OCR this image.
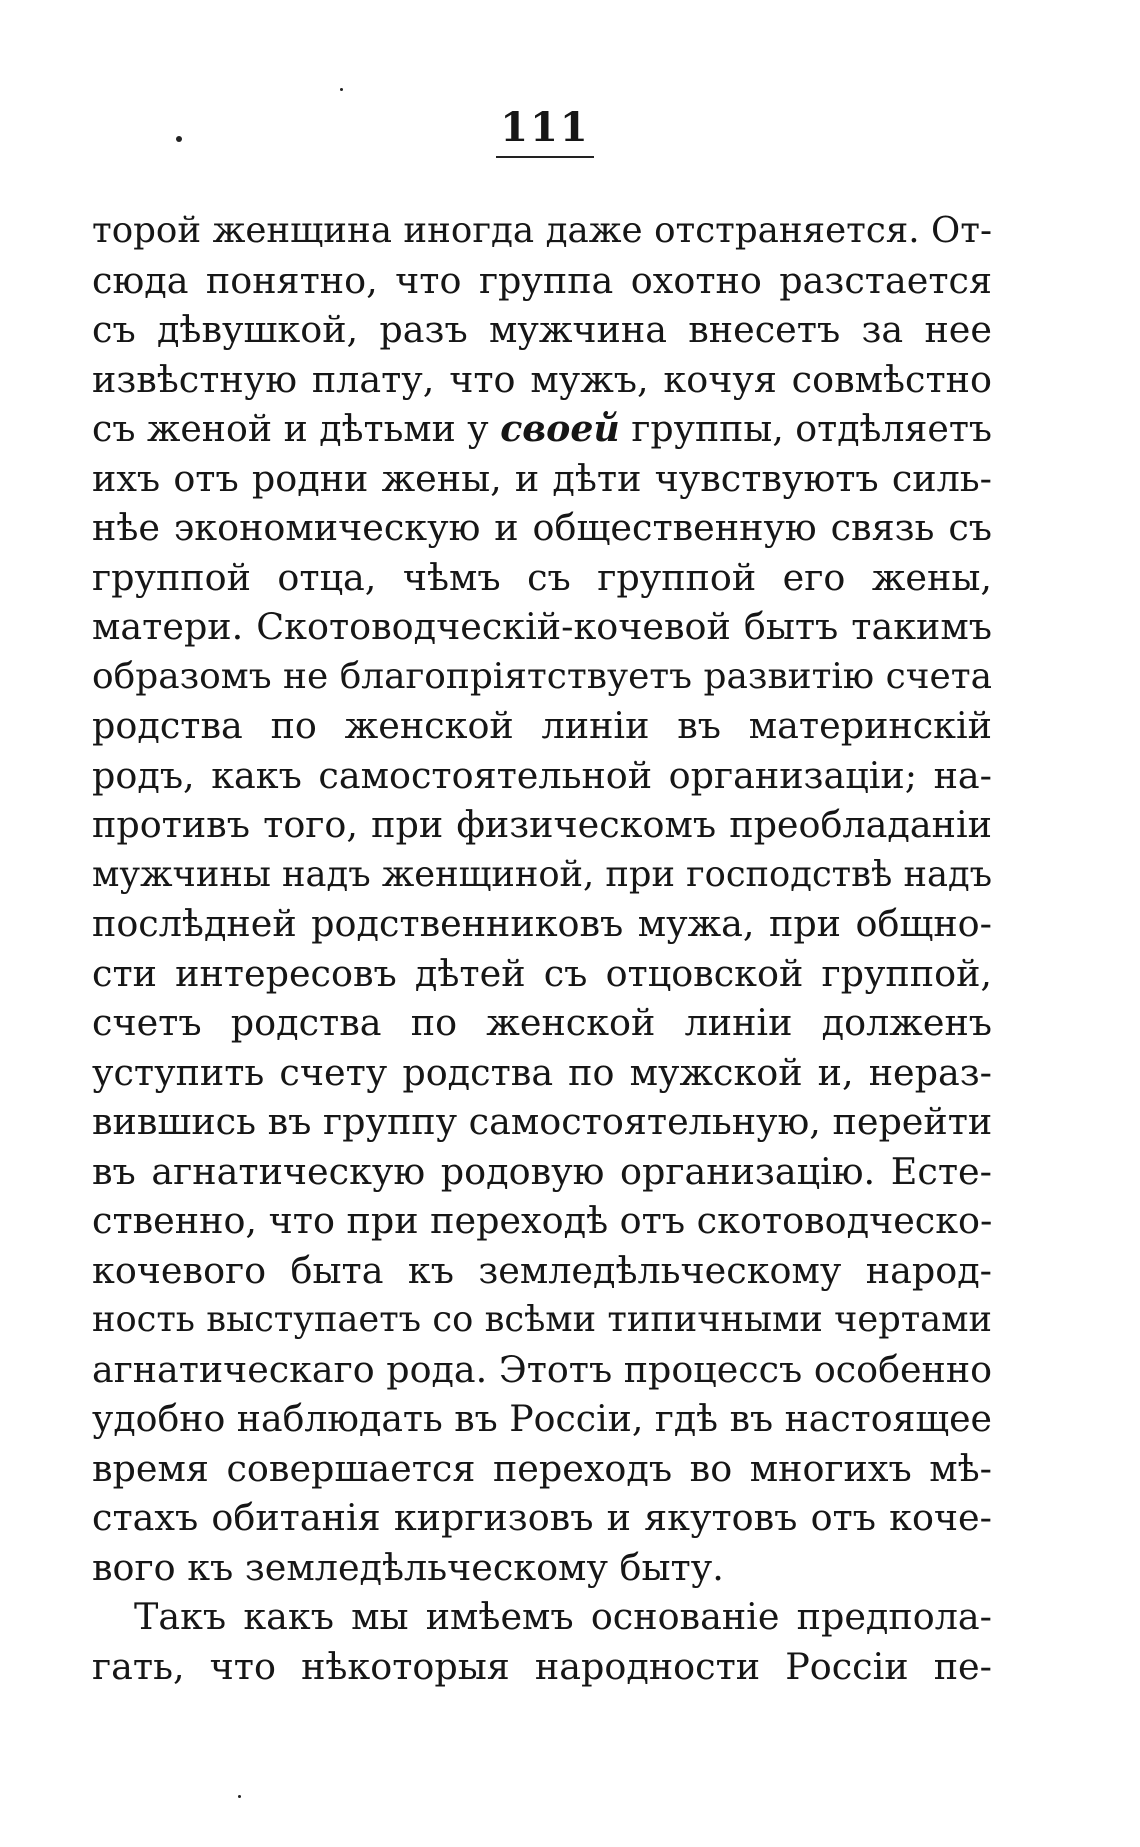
111
торой женщина иногда даже отстраняется. От-
сюда понятно, что группа охотно разстается
съ дѣвушкой, разъ мужчина внесетъ за нее
извѣстную плату, что мужъ, кочуя совмѣстно
съ женой и дѣтьми у своей группы, отдѣляетъ
ихъ отъ родни жены, и дѣти чувствуютъ силь-
нѣе экономическую и общественную связь съ
группой отца, чѣмъ съ группой его жены,
матери. Скотоводческій-кочевой бытъ такимъ
образомъ не благопріятствуетъ развитію счета
родства по женской линіи въ материнскій
родъ, какъ самостоятельной организаціи; на-
противъ того, при физическомъ преобладаніи
мужчины надъ женщиной, при господствѣ надъ
послѣдней родственниковъ мужа, при общно-
сти интересовъ дѣтей съ отцовской группой,
счетъ родства по женской линіи долженъ
уступить счету родства по мужской и, нераз-
вившись въ группу самостоятельную, перейти
въ агнатическую родовую организацію. Есте-
ственно, что при переходѣ отъ скотоводческо-
кочевого быта къ земледѣльческому народ-
ность выступаетъ со всѣми типичными чертами
агнатическаго рода. Этотъ процессъ особенно
удобно наблюдать въ Россіи, гдѣ въ настоящее
время совершается переходъ во многихъ мѣ-
стахъ обитанія киргизовъ и якутовъ отъ коче-
вого къ земледѣльческому быту.
Такъ какъ мы имѣемъ основаніе предпола-
гать, что нѣкоторыя народности Россіи пе-
